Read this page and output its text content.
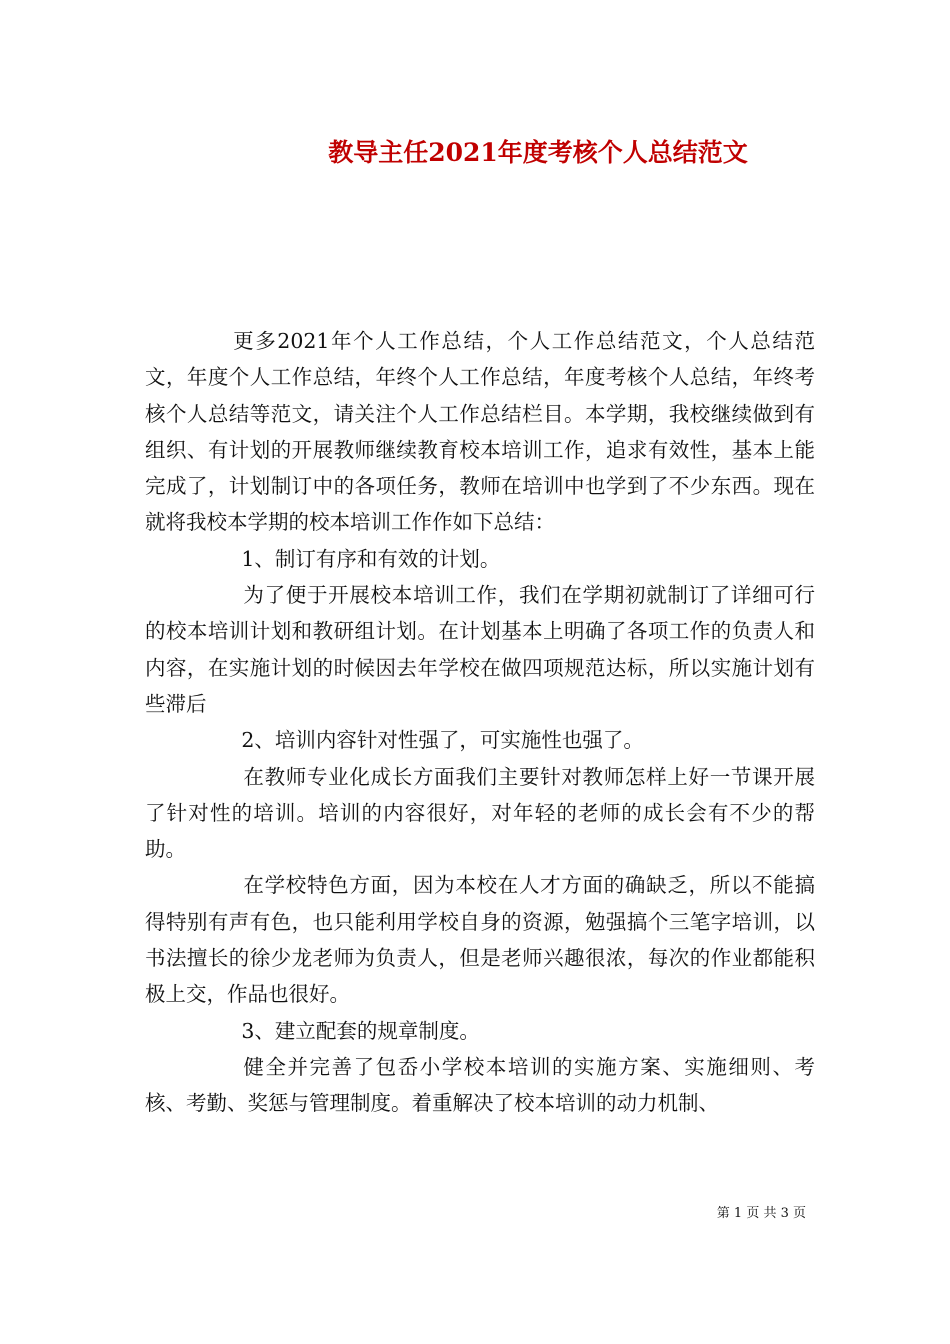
教导主任2021年度考核个人总结范文

更多2021年个人工作总结，个人工作总结范文，个人总结范文，年度个人工作总结，年终个人工作总结，年度考核个人总结，年终考核个人总结等范文，请关注个人工作总结栏目。本学期，我校继续做到有组织、有计划的开展教师继续教育校本培训工作，追求有效性，基本上能完成了，计划制订中的各项任务，教师在培训中也学到了不少东西。现在就将我校本学期的校本培训工作作如下总结：

1、制订有序和有效的计划。

为了便于开展校本培训工作，我们在学期初就制订了详细可行的校本培训计划和教研组计划。在计划基本上明确了各项工作的负责人和内容，在实施计划的时候因去年学校在做四项规范达标，所以实施计划有些滞后

2、培训内容针对性强了，可实施性也强了。

在教师专业化成长方面我们主要针对教师怎样上好一节课开展了针对性的培训。培训的内容很好，对年轻的老师的成长会有不少的帮助。

在学校特色方面，因为本校在人才方面的确缺乏，所以不能搞得特别有声有色，也只能利用学校自身的资源，勉强搞个三笔字培训，以书法擅长的徐少龙老师为负责人，但是老师兴趣很浓，每次的作业都能积极上交，作品也很好。

3、建立配套的规章制度。

健全并完善了包岙小学校本培训的实施方案、实施细则、考核、考勤、奖惩与管理制度。着重解决了校本培训的动力机制、

第 1 页 共 3 页
